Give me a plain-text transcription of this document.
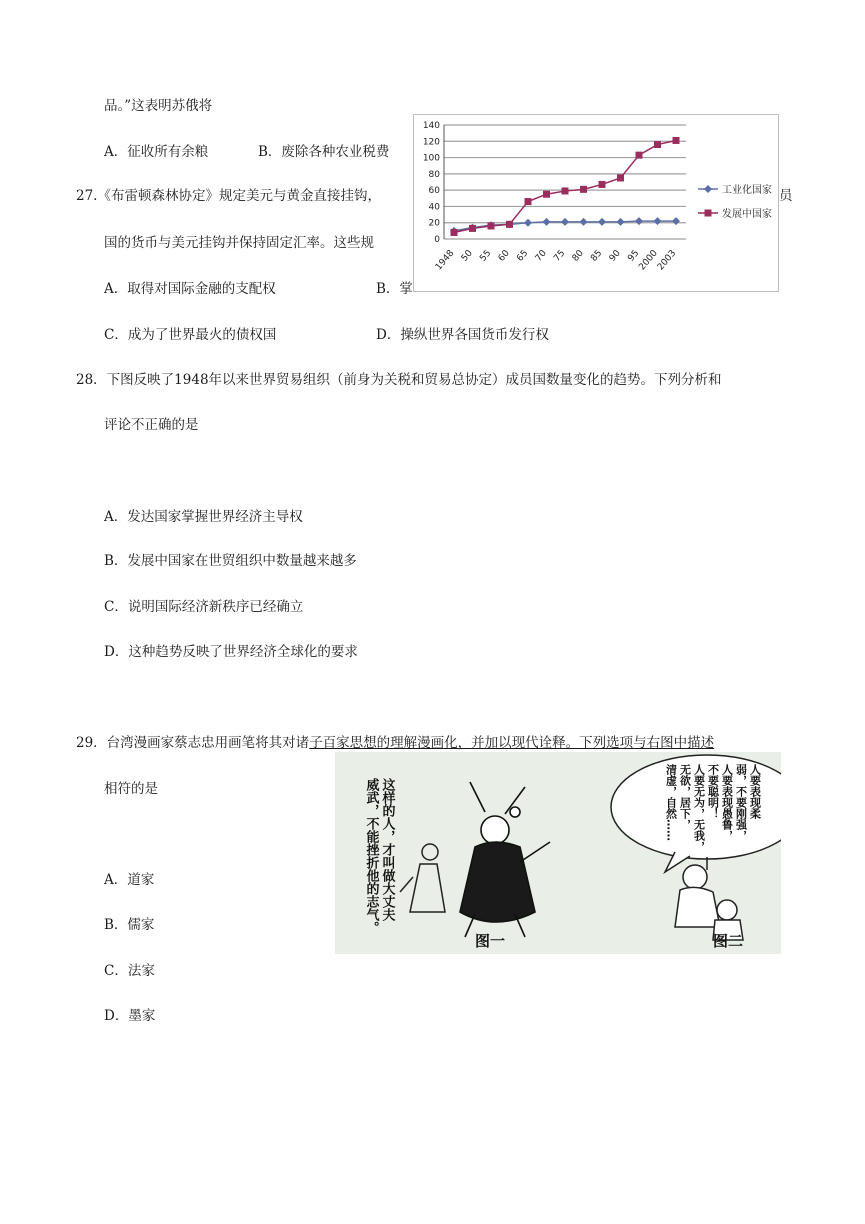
品。”这表明苏俄将
A．征收所有余粮	B．废除各种农业税费
27.《布雷顿森林协定》规定美元与黄金直接挂钩，	员
国的货币与美元挂钩并保持固定汇率。这些规
A．取得对国际金融的支配权	B．掌
C．成为了世界最火的债权国	D．操纵世界各国货币发行权
0
20
40
60
80
100
120
140
1948 50 55 60 65 70 75 80 85 90 95
2000
2003
工业化国家
发展中国家
28．下图反映了1948年以来世界贸易组织（前身为关税和贸易总协定）成员国数量变化的趋势。下列分析和
评论不正确的是
A．发达国家掌握世界经济主导权
B．发展中国家在世贸组织中数量越来越多
C．说明国际经济新秩序已经确立
D．这种趋势反映了世界经济全球化的要求
29．台湾漫画家蔡志忠用画笔将其对诸子百家思想的理解漫画化，并加以现代诠释。下列选项与右图中描述
相符的是
A．道家
B．儒家
C．法家
D．墨家
这样的人，才叫做大丈夫
威武，不能挫折他的志气。	人要表现柔
弱，不要刚强，
人要表现愚鲁，
不要聪明！
人要无为，无我，
无欲，居下，
清虚，自然……
图一	图二
